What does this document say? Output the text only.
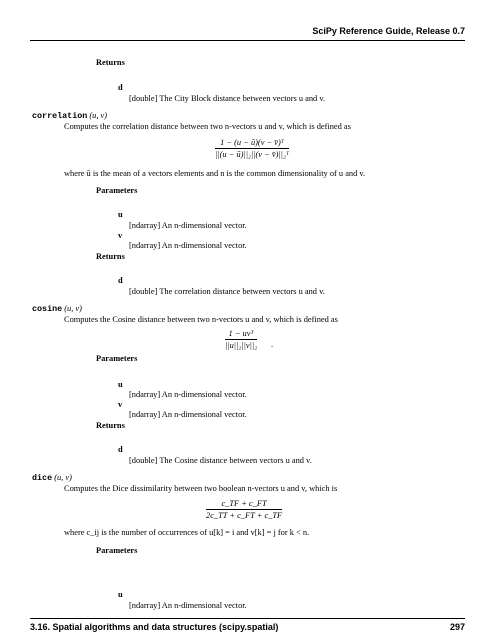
SciPy Reference Guide, Release 0.7
Returns
d
[double] The City Block distance between vectors u and v.
correlation (u, v)
Computes the correlation distance between two n-vectors u and v, which is defined as
$\frac{\text{1 − (u − ū)(v − v̄)ᵀ}}{\text{||(u − ū)||₂||(v − v̄)||₂ᵀ}}$
where ū is the mean of a vectors elements and n is the common dimensionality of u and v.
Parameters
u
[ndarray] An n-dimensional vector.
v
[ndarray] An n-dimensional vector.
Returns
d
[double] The correlation distance between vectors u and v.
cosine (u, v)
Computes the Cosine distance between two n-vectors u and v, which is defined as
1 − uvᵀ
||u||₂||v||₂ .
Parameters
u
[ndarray] An n-dimensional vector.
v
[ndarray] An n-dimensional vector.
Returns
d
[double] The Cosine distance between vectors u and v.
dice (u, v)
Computes the Dice dissimilarity between two boolean n-vectors u and v, which is
$\frac{c\_TF + c\_FT}{2c\_TT + c\_FT + c\_TF}$
where c_ij is the number of occurrences of u[k] = i and v[k] = j for k < n.
Parameters
u
[ndarray] An n-dimensional vector.
3.16. Spatial algorithms and data structures (scipy.spatial)	297
